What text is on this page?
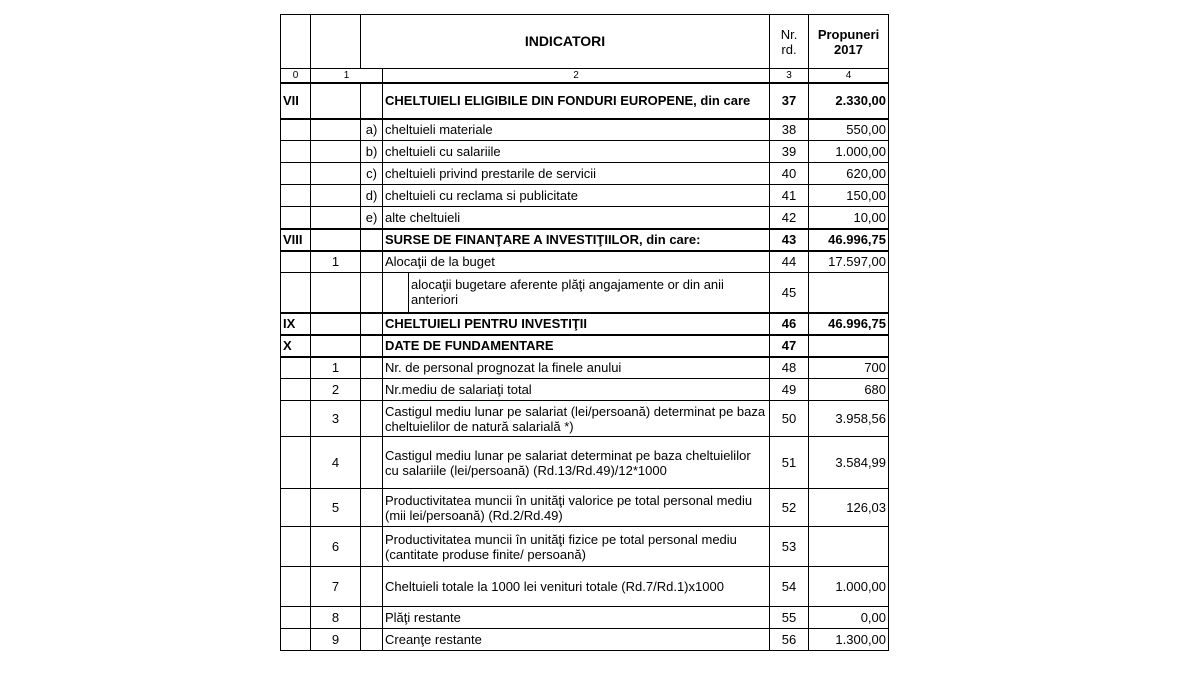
		INDICATORI			Nr. rd.	Propuneri 2017
0	1		2		3	4
VII			CHELTUIELI ELIGIBILE DIN FONDURI EUROPENE, din care		37	2.330,00
		a)	cheltuieli materiale		38	550,00
		b)	cheltuieli cu salariile		39	1.000,00
		c)	cheltuieli privind prestarile de servicii		40	620,00
		d)	cheltuieli cu reclama si publicitate		41	150,00
		e)	alte cheltuieli		42	10,00
VIII			SURSE DE FINANŢARE A INVESTIŢIILOR, din care:		43	46.996,75
	1		Alocaţii de la buget		44	17.597,00
				alocaţii bugetare aferente plăţi angajamente or din anii anteriori	45	
IX			CHELTUIELI PENTRU INVESTIŢII		46	46.996,75
X			DATE DE FUNDAMENTARE		47	
	1		Nr. de personal prognozat la finele anului		48	700
	2		Nr.mediu de salariaţi total		49	680
	3		Castigul mediu lunar pe salariat (lei/persoană) determinat pe baza cheltuielilor de natură salarială *)		50	3.958,56
	4		Castigul mediu lunar pe salariat determinat pe baza cheltuielilor cu salariile (lei/persoană) (Rd.13/Rd.49)/12*1000		51	3.584,99
	5		Productivitatea muncii în unităţi valorice pe total personal mediu (mii lei/persoană) (Rd.2/Rd.49)		52	126,03
	6		Productivitatea muncii în unităţi fizice pe total personal mediu (cantitate produse finite/ persoană)		53	
	7		Cheltuieli totale la 1000 lei venituri totale (Rd.7/Rd.1)x1000		54	1.000,00
	8		Plăţi restante		55	0,00
	9		Creanţe restante		56	1.300,00
